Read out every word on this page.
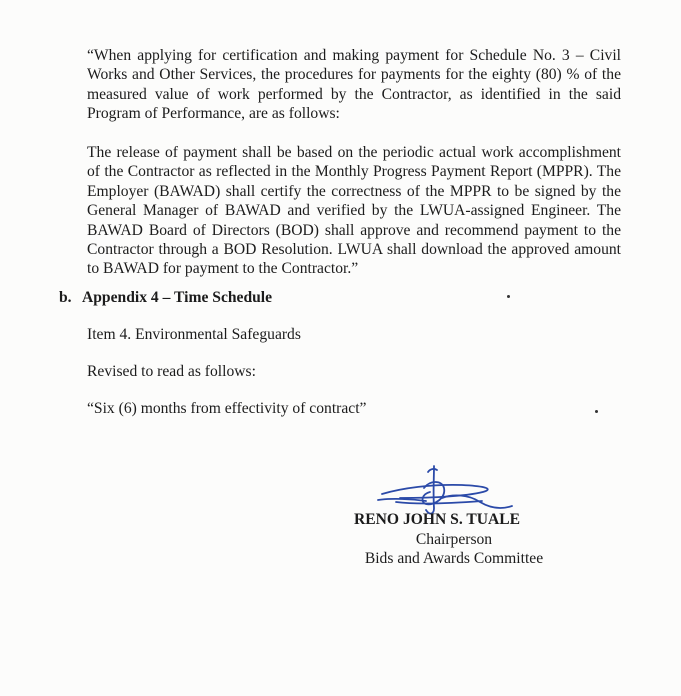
“When applying for certification and making payment for Schedule No. 3 – Civil Works and Other Services, the procedures for payments for the eighty (80) % of the measured value of work performed by the Contractor, as identified in the said Program of Performance, are as follows:

The release of payment shall be based on the periodic actual work accomplishment of the Contractor as reflected in the Monthly Progress Payment Report (MPPR). The Employer (BAWAD) shall certify the correctness of the MPPR to be signed by the General Manager of BAWAD and verified by the LWUA-assigned Engineer. The BAWAD Board of Directors (BOD) shall approve and recommend payment to the Contractor through a BOD Resolution. LWUA shall download the approved amount to BAWAD for payment to the Contractor.”

b. Appendix 4 – Time Schedule

Item 4. Environmental Safeguards

Revised to read as follows:

“Six (6) months from effectivity of contract”

RENO JOHN S. TUALE
Chairperson
Bids and Awards Committee
